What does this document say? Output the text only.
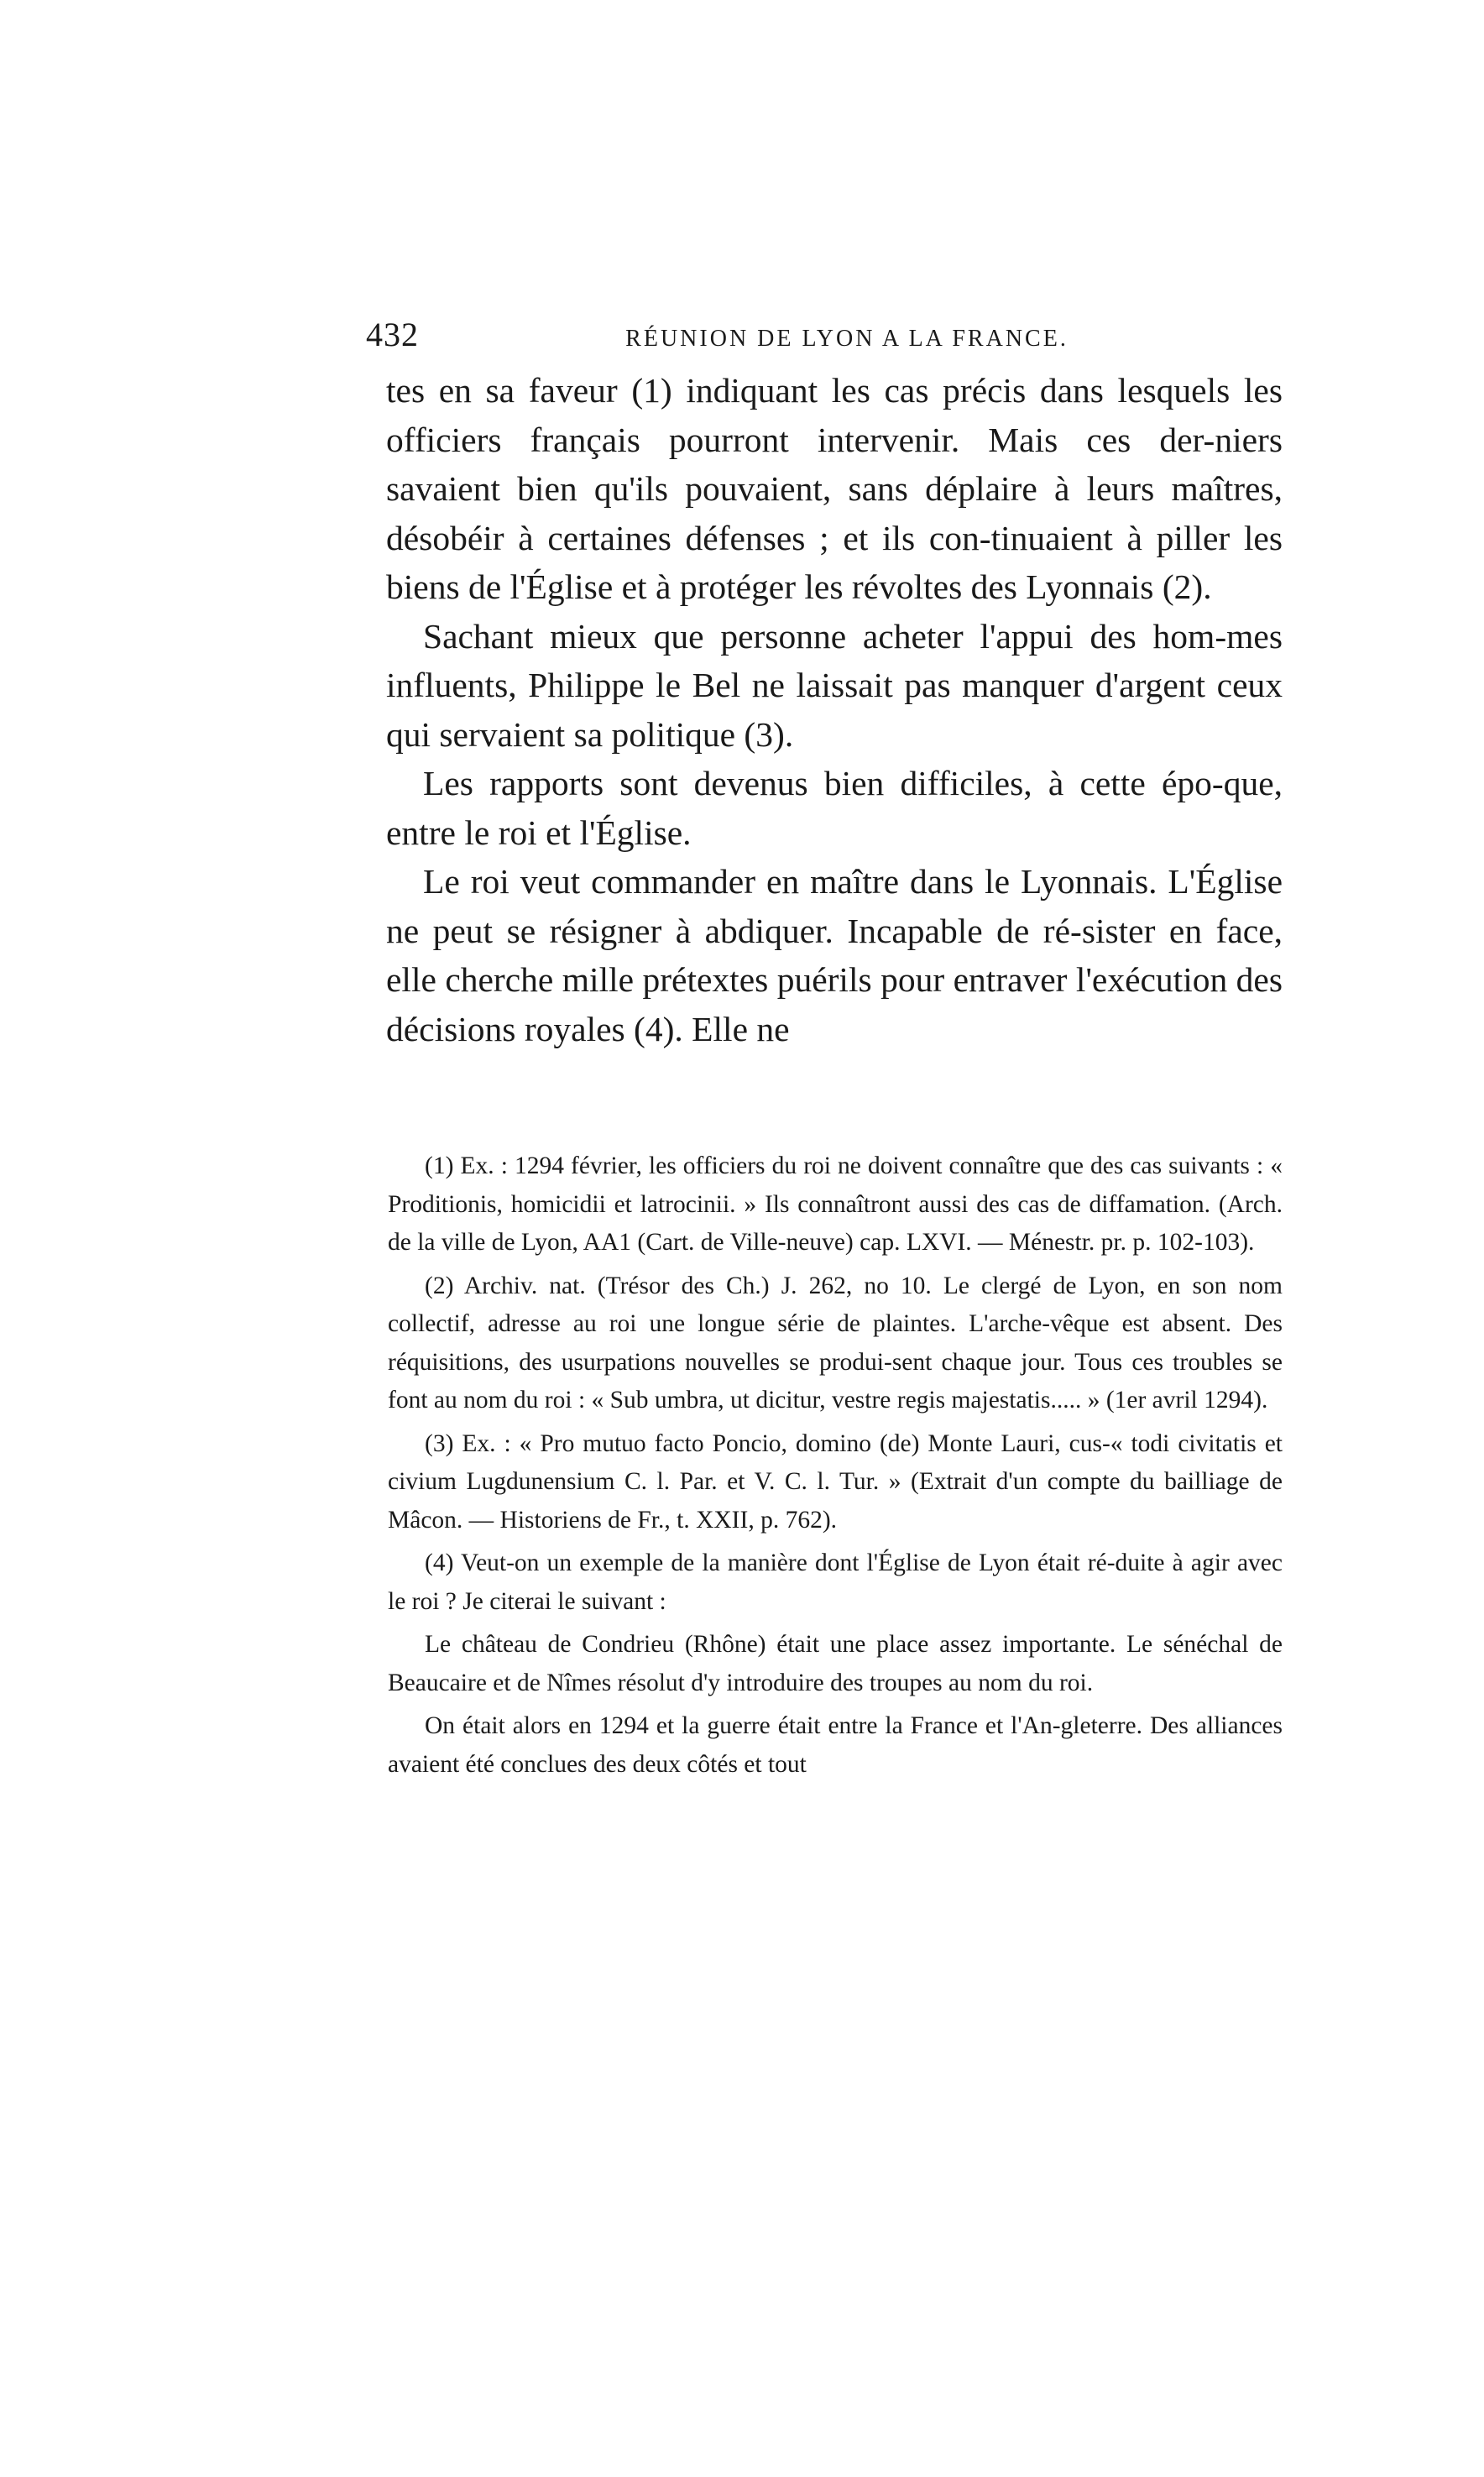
432	RÉUNION DE LYON A LA FRANCE.

tes en sa faveur (1) indiquant les cas précis dans lesquels les officiers français pourront intervenir. Mais ces der-niers savaient bien qu'ils pouvaient, sans déplaire à leurs maîtres, désobéir à certaines défenses ; et ils con-tinuaient à piller les biens de l'Église et à protéger les révoltes des Lyonnais (2).

Sachant mieux que personne acheter l'appui des hom-mes influents, Philippe le Bel ne laissait pas manquer d'argent ceux qui servaient sa politique (3).

Les rapports sont devenus bien difficiles, à cette épo-que, entre le roi et l'Église.

Le roi veut commander en maître dans le Lyonnais. L'Église ne peut se résigner à abdiquer. Incapable de ré-sister en face, elle cherche mille prétextes puérils pour entraver l'exécution des décisions royales (4). Elle ne

(1) Ex. : 1294 février, les officiers du roi ne doivent connaître que des cas suivants : « Proditionis, homicidii et latrocinii. » Ils connaîtront aussi des cas de diffamation. (Arch. de la ville de Lyon, AA1 (Cart. de Ville-neuve) cap. LXVI. — Ménestr. pr. p. 102-103).

(2) Archiv. nat. (Trésor des Ch.) J. 262, no 10. Le clergé de Lyon, en son nom collectif, adresse au roi une longue série de plaintes. L'arche-vêque est absent. Des réquisitions, des usurpations nouvelles se produi-sent chaque jour. Tous ces troubles se font au nom du roi : « Sub umbra, ut dicitur, vestre regis majestatis..... » (1er avril 1294).

(3) Ex. : « Pro mutuo facto Poncio, domino (de) Monte Lauri, cus-« todi civitatis et civium Lugdunensium C. l. Par. et V. C. l. Tur. » (Extrait d'un compte du bailliage de Mâcon. — Historiens de Fr., t. XXII, p. 762).

(4) Veut-on un exemple de la manière dont l'Église de Lyon était ré-duite à agir avec le roi ? Je citerai le suivant :

Le château de Condrieu (Rhône) était une place assez importante. Le sénéchal de Beaucaire et de Nîmes résolut d'y introduire des troupes au nom du roi.

On était alors en 1294 et la guerre était entre la France et l'An-gleterre. Des alliances avaient été conclues des deux côtés et tout
